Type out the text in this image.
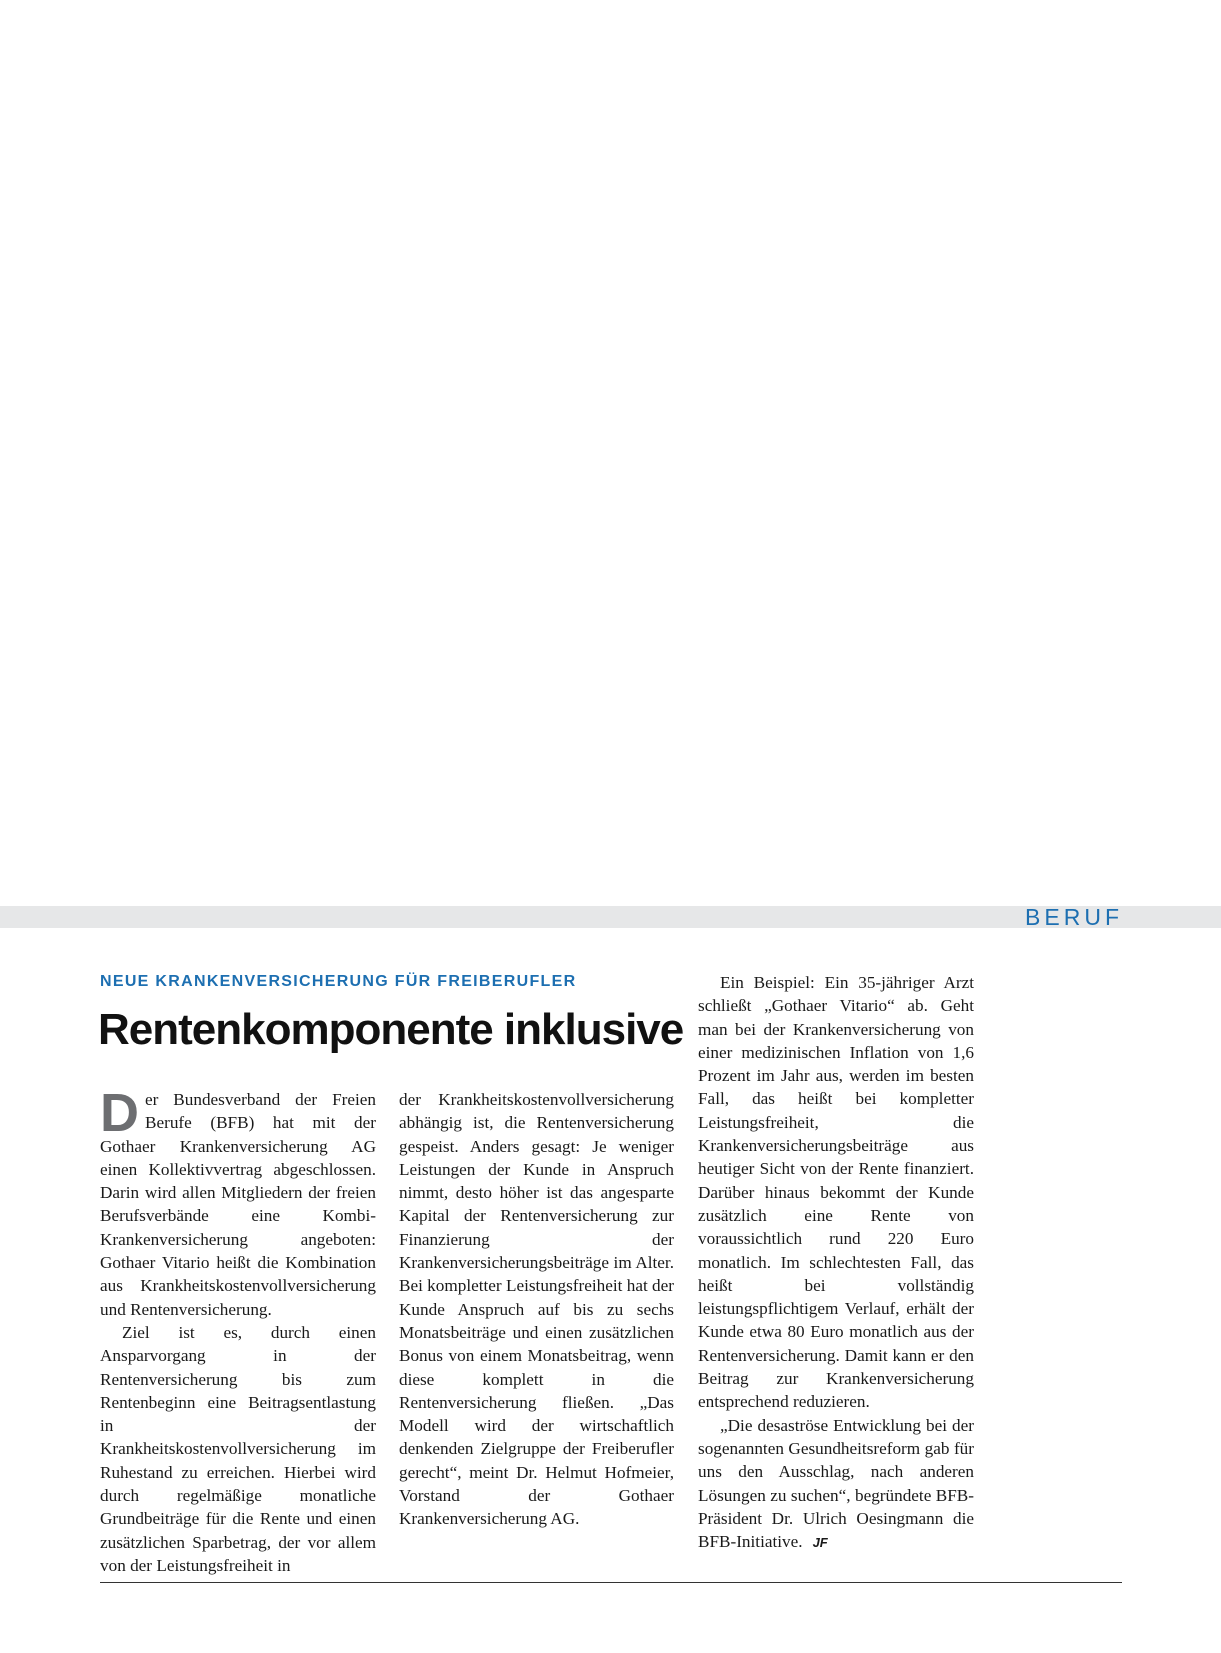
BERUF
NEUE KRANKENVERSICHERUNG FÜR FREIBERUFLER
Rentenkomponente inklusive

Der Bundesverband der Freien Berufe (BFB) hat mit der Gothaer Krankenversicherung AG einen Kollektivvertrag abgeschlossen. Darin wird allen Mitgliedern der freien Berufsverbände eine Kombi-Krankenversicherung angeboten: Gothaer Vitario heißt die Kombination aus Krankheitskostenvollversicherung und Rentenversicherung.

Ziel ist es, durch einen Ansparvorgang in der Rentenversicherung bis zum Rentenbeginn eine Beitragsentlastung in der Krankheitskostenvollversicherung im Ruhestand zu erreichen. Hierbei wird durch regelmäßige monatliche Grundbeiträge für die Rente und einen zusätzlichen Sparbetrag, der vor allem von der Leistungsfreiheit in

der Krankheitskostenvollversicherung abhängig ist, die Rentenversicherung gespeist. Anders gesagt: Je weniger Leistungen der Kunde in Anspruch nimmt, desto höher ist das angesparte Kapital der Rentenversicherung zur Finanzierung der Krankenversicherungsbeiträge im Alter. Bei kompletter Leistungsfreiheit hat der Kunde Anspruch auf bis zu sechs Monatsbeiträge und einen zusätzlichen Bonus von einem Monatsbeitrag, wenn diese komplett in die Rentenversicherung fließen. „Das Modell wird der wirtschaftlich denkenden Zielgruppe der Freiberufler gerecht“, meint Dr. Helmut Hofmeier, Vorstand der Gothaer Krankenversicherung AG.

Ein Beispiel: Ein 35-jähriger Arzt schließt „Gothaer Vitario“ ab. Geht man bei der Krankenversicherung von einer medizinischen Inflation von 1,6 Prozent im Jahr aus, werden im besten Fall, das heißt bei kompletter Leistungsfreiheit, die Krankenversicherungsbeiträge aus heutiger Sicht von der Rente finanziert. Darüber hinaus bekommt der Kunde zusätzlich eine Rente von voraussichtlich rund 220 Euro monatlich. Im schlechtesten Fall, das heißt bei vollständig leistungspflichtigem Verlauf, erhält der Kunde etwa 80 Euro monatlich aus der Rentenversicherung. Damit kann er den Beitrag zur Krankenversicherung entsprechend reduzieren.

„Die desaströse Entwicklung bei der sogenannten Gesundheitsreform gab für uns den Ausschlag, nach anderen Lösungen zu suchen“, begründete BFB-Präsident Dr. Ulrich Oesingmann die BFB-Initiative. JF
